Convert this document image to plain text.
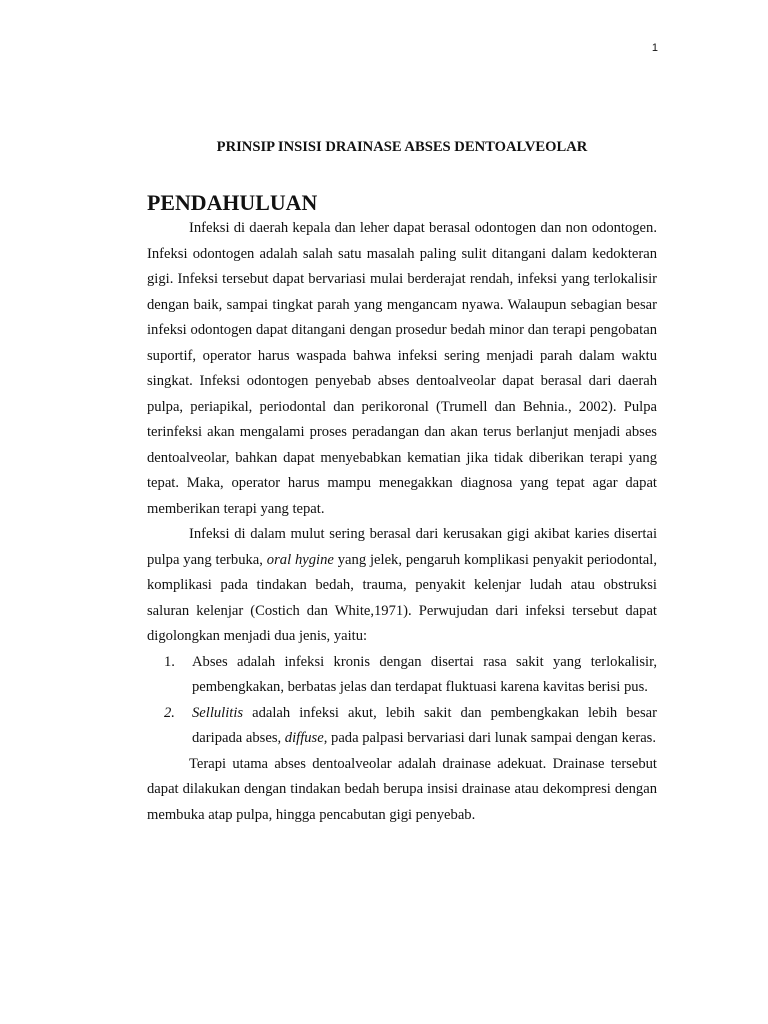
1
PRINSIP INSISI DRAINASE ABSES DENTOALVEOLAR
PENDAHULUAN

Infeksi di daerah kepala dan leher dapat berasal odontogen dan non odontogen. Infeksi odontogen adalah salah satu masalah paling sulit ditangani dalam kedokteran gigi. Infeksi tersebut dapat bervariasi mulai berderajat rendah, infeksi yang terlokalisir dengan baik, sampai tingkat parah yang mengancam nyawa. Walaupun sebagian besar infeksi odontogen dapat ditangani dengan prosedur bedah minor dan terapi pengobatan suportif, operator harus waspada bahwa infeksi sering menjadi parah dalam waktu singkat. Infeksi odontogen penyebab abses dentoalveolar dapat berasal dari daerah pulpa, periapikal, periodontal dan perikoronal (Trumell dan Behnia., 2002). Pulpa terinfeksi akan mengalami proses peradangan dan akan terus berlanjut menjadi abses dentoalveolar, bahkan dapat menyebabkan kematian jika tidak diberikan terapi yang tepat. Maka, operator harus mampu menegakkan diagnosa yang tepat agar dapat memberikan terapi yang tepat.

Infeksi di dalam mulut sering berasal dari kerusakan gigi akibat karies disertai pulpa yang terbuka, oral hygine yang jelek, pengaruh komplikasi penyakit periodontal, komplikasi pada tindakan bedah, trauma, penyakit kelenjar ludah atau obstruksi saluran kelenjar (Costich dan White,1971). Perwujudan dari infeksi tersebut dapat digolongkan menjadi dua jenis, yaitu:

1. Abses adalah infeksi kronis dengan disertai rasa sakit yang terlokalisir, pembengkakan, berbatas jelas dan terdapat fluktuasi karena kavitas berisi pus.
2. Sellulitis adalah infeksi akut, lebih sakit dan pembengkakan lebih besar daripada abses, diffuse, pada palpasi bervariasi dari lunak sampai dengan keras.

Terapi utama abses dentoalveolar adalah drainase adekuat. Drainase tersebut dapat dilakukan dengan tindakan bedah berupa insisi drainase atau dekompresi dengan membuka atap pulpa, hingga pencabutan gigi penyebab.
